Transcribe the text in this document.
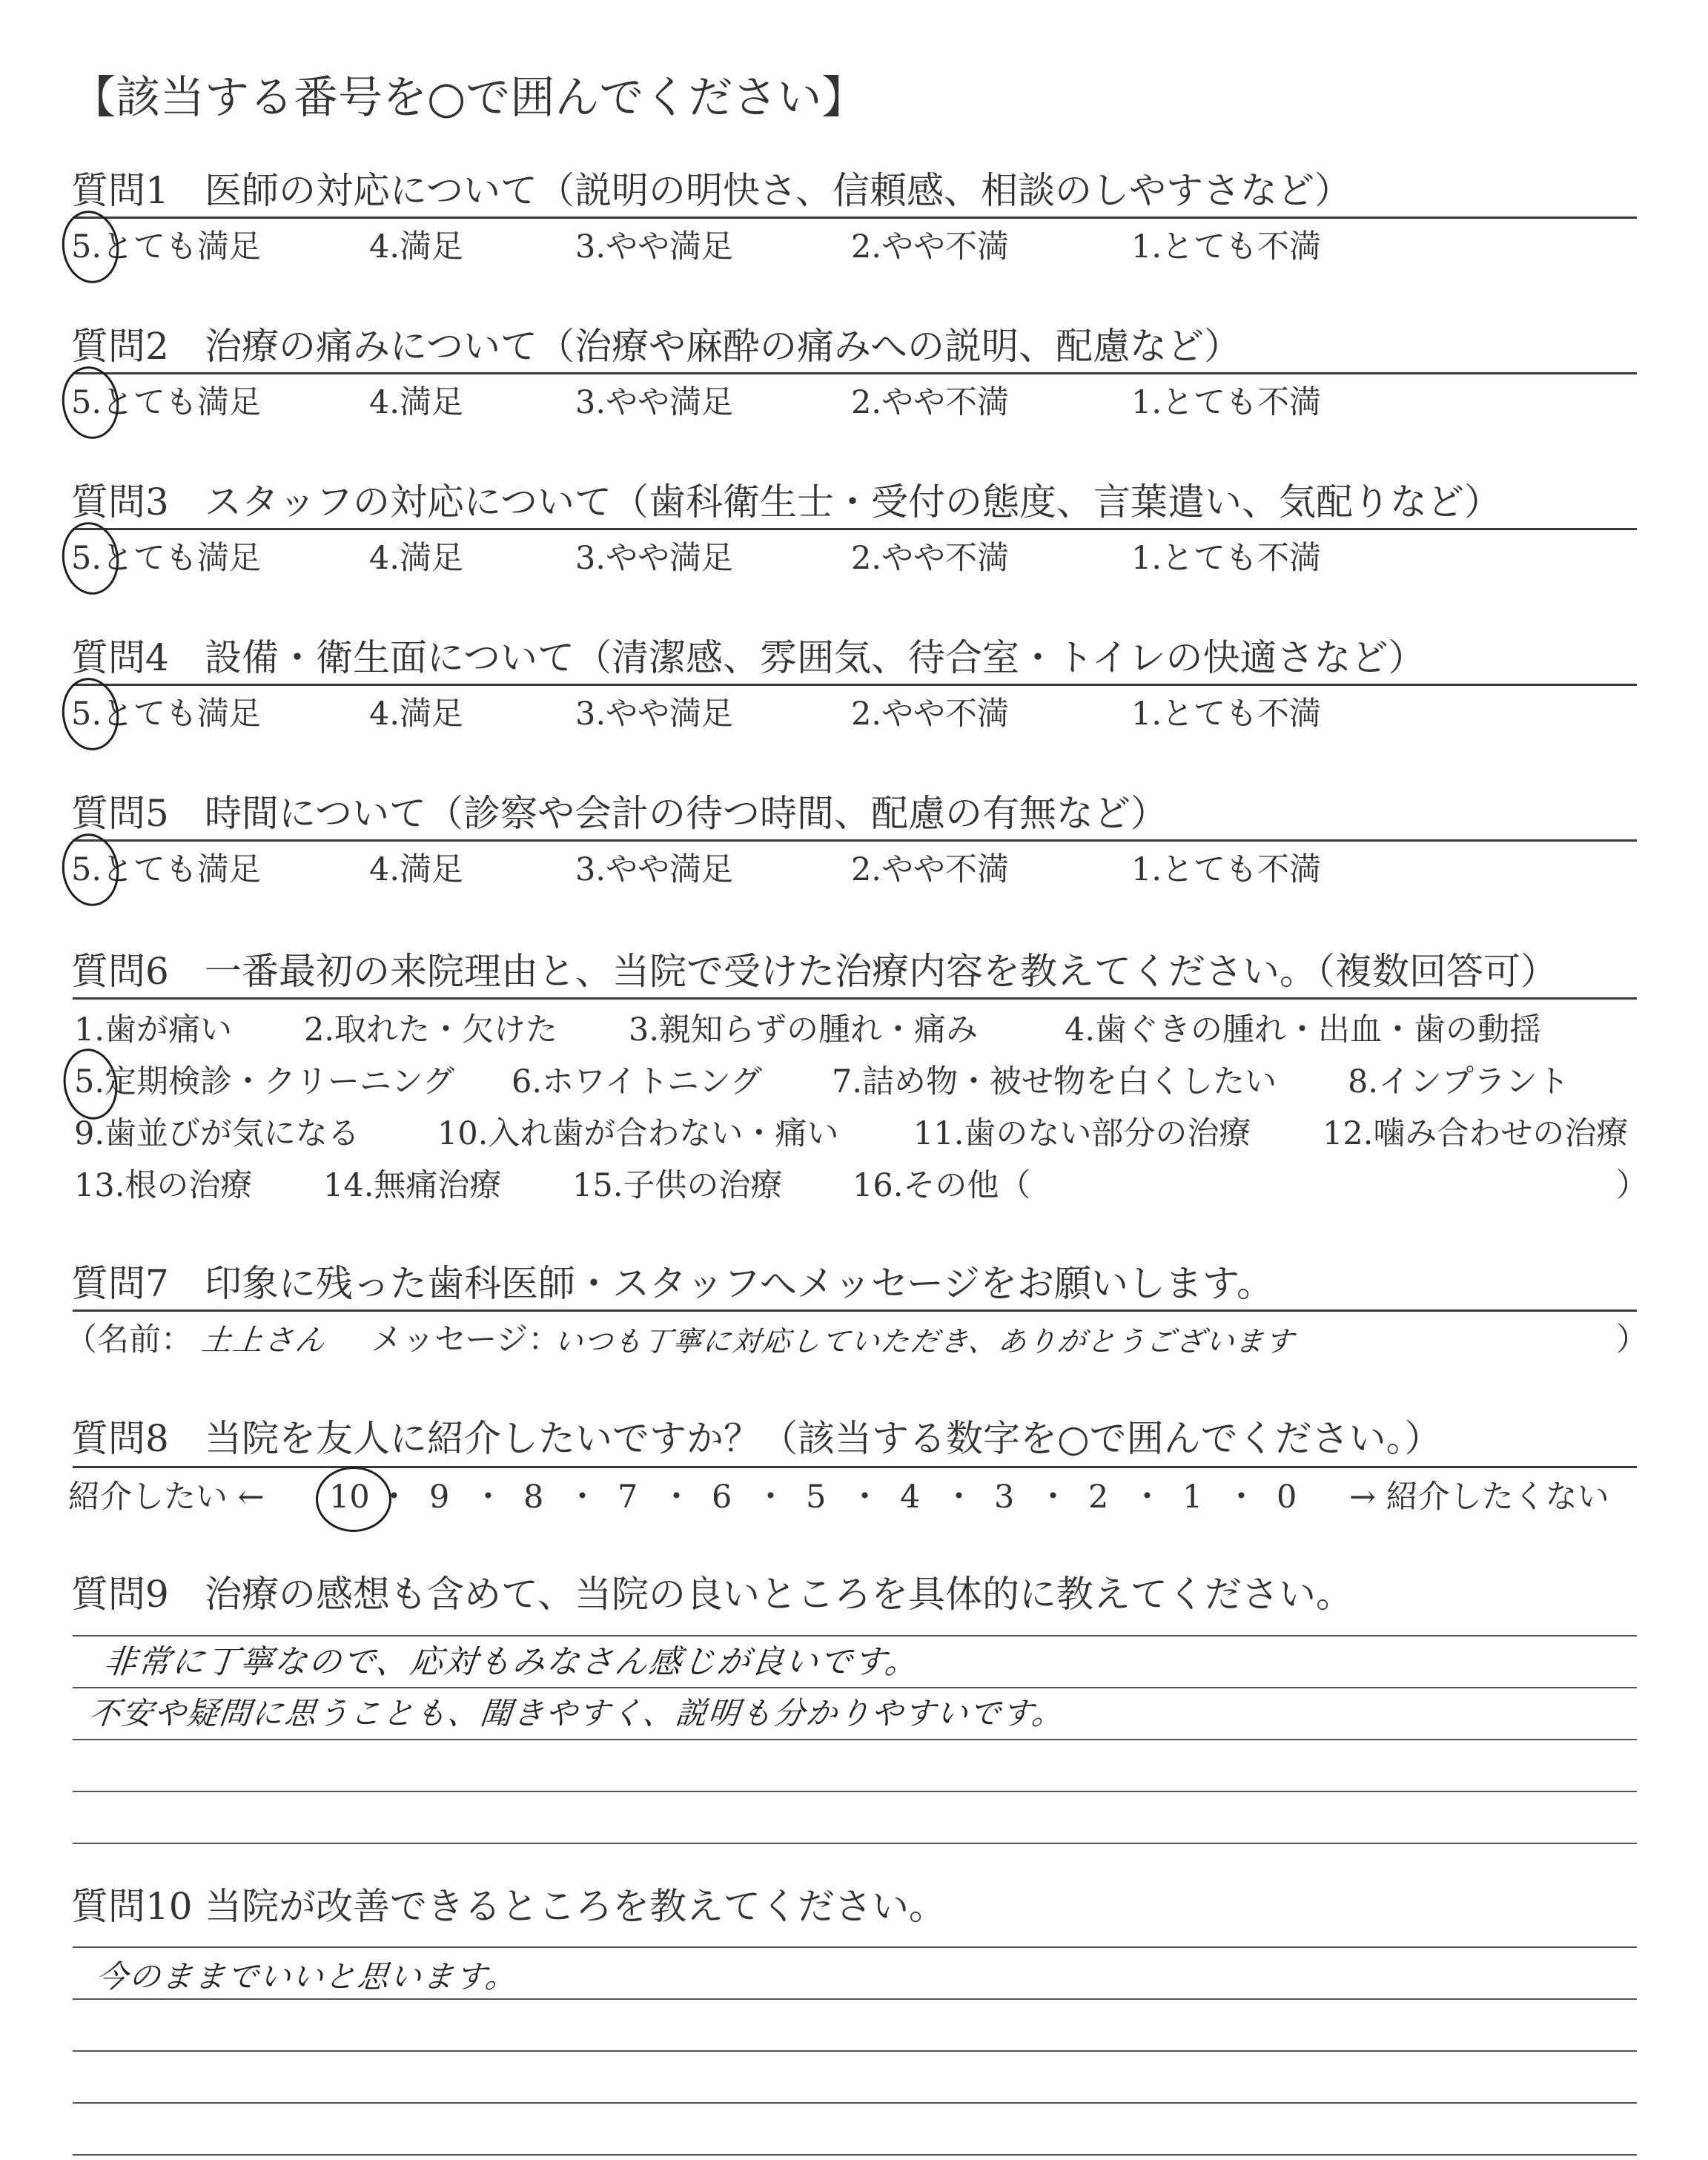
【該当する番号を○で囲んでください】
質問1 医師の対応について（説明の明快さ、信頼感、相談のしやすさなど）
5.とても満足	4.満足	3.やや満足	2.やや不満	1.とても不満
質問2 治療の痛みについて（治療や麻酔の痛みへの説明、配慮など）
5.とても満足	4.満足	3.やや満足	2.やや不満	1.とても不満
質問3 スタッフの対応について（歯科衛生士・受付の態度、言葉遣い、気配りなど）
5.とても満足	4.満足	3.やや満足	2.やや不満	1.とても不満
質問4 設備・衛生面について（清潔感、雰囲気、待合室・トイレの快適さなど）
5.とても満足	4.満足	3.やや満足	2.やや不満	1.とても不満
質問5 時間について（診察や会計の待つ時間、配慮の有無など）
5.とても満足	4.満足	3.やや満足	2.やや不満	1.とても不満
質問6 一番最初の来院理由と、当院で受けた治療内容を教えてください。（複数回答可）
1.歯が痛い 2.取れた・欠けた 3.親知らずの腫れ・痛み	4.歯ぐきの腫れ・出血・歯の動揺
5.定期検診・クリーニング 6.ホワイトニング 7.詰め物・被せ物を白くしたい 8.インプラント
9.歯並びが気になる 10.入れ歯が合わない・痛い 11.歯のない部分の治療 12.噛み合わせの治療
13.根の治療 14.無痛治療 15.子供の治療 16.その他（	）
質問7 印象に残った歯科医師・スタッフへメッセージをお願いします。
（名前： 土上さん メッセージ：
いつも丁寧に対応していただき、ありがとうございます	）
質問8 当院を友人に紹介したいですか？（該当する数字を○で囲んでください。）
紹介したい ← 10 ・ 9 ・ 8 ・ 7 ・ 6 ・ 5 ・ 4 ・ 3 ・ 2 ・ 1 ・ 0 → 紹介したくない
質問9 治療の感想も含めて、当院の良いところを具体的に教えてください。
非常に丁寧なので、応対もみなさん感じが良いです。
不安や疑問に思うことも、聞きやすく、説明も分かりやすいです。
質問10 当院が改善できるところを教えてください。
今のままでいいと思います。
